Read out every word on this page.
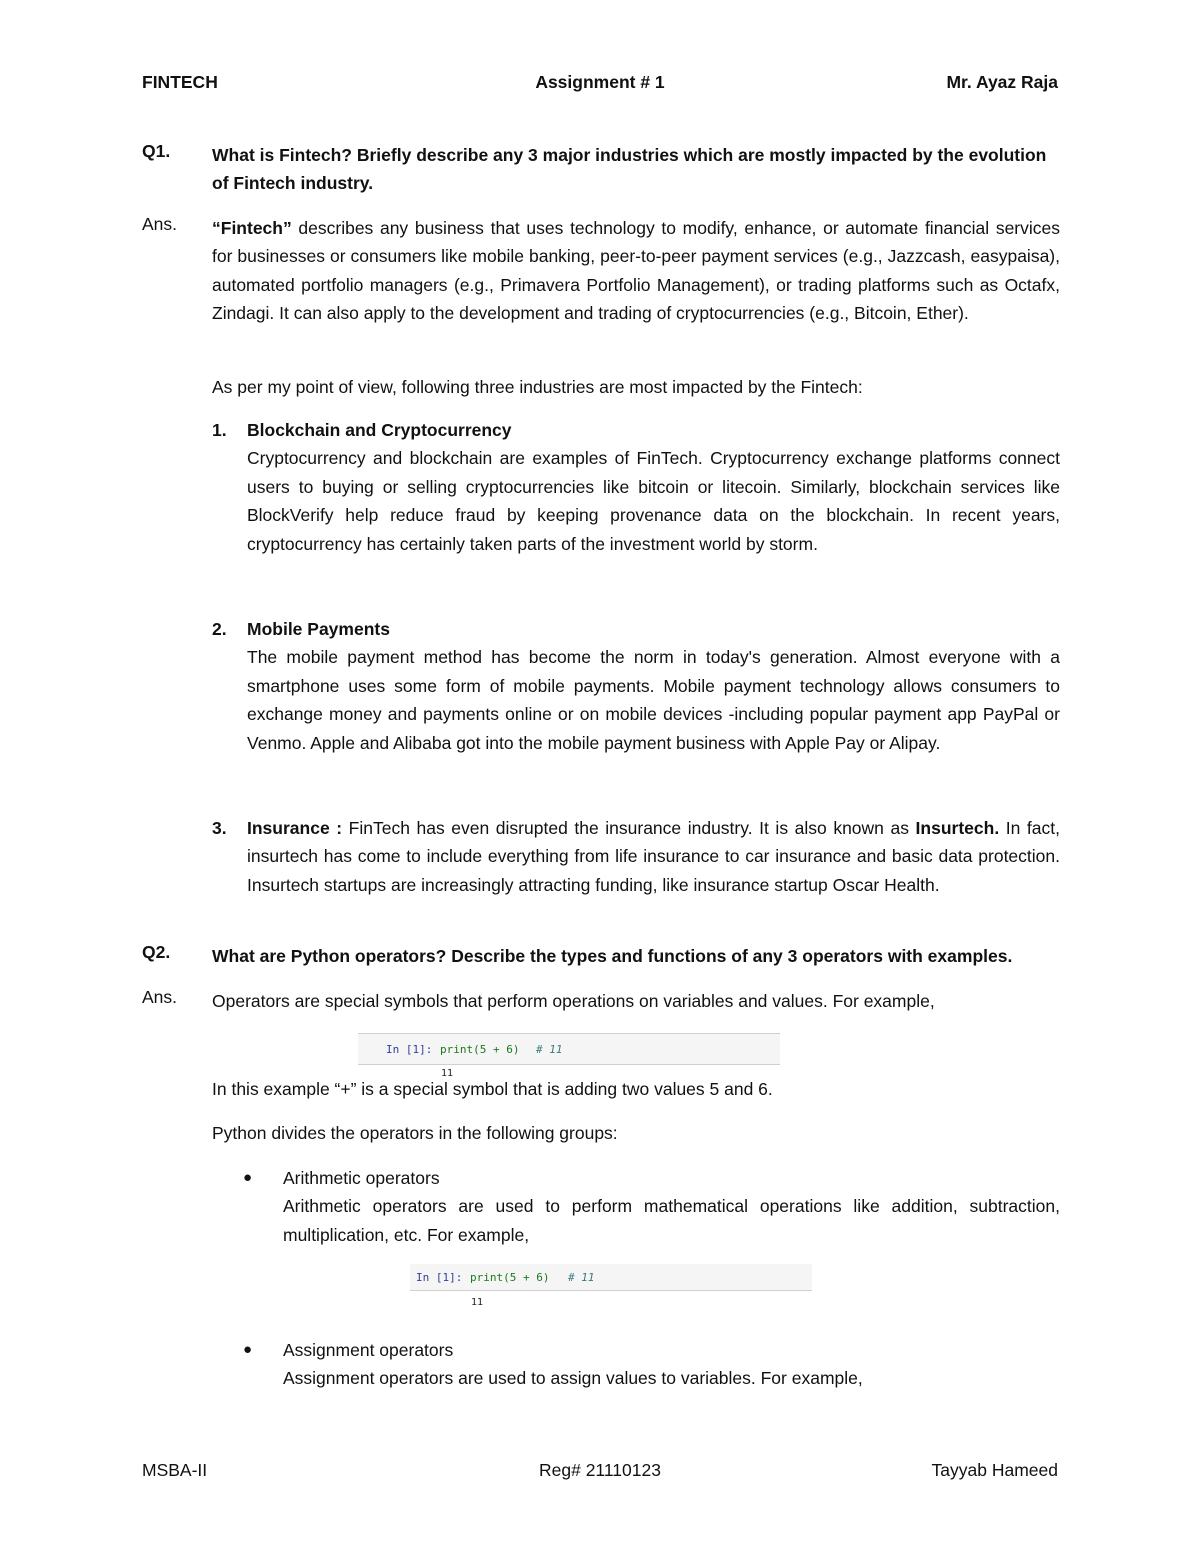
FINTECH	Assignment # 1	Mr. Ayaz Raja
Q1.	What is Fintech? Briefly describe any 3 major industries which are mostly impacted by the evolution of Fintech industry.
Ans.	“Fintech” describes any business that uses technology to modify, enhance, or automate financial services for businesses or consumers like mobile banking, peer-to-peer payment services (e.g., Jazzcash, easypaisa), automated portfolio managers (e.g., Primavera Portfolio Management), or trading platforms such as Octafx, Zindagi. It can also apply to the development and trading of cryptocurrencies (e.g., Bitcoin, Ether).
As per my point of view, following three industries are most impacted by the Fintech:
1.	Blockchain and Cryptocurrency
Cryptocurrency and blockchain are examples of FinTech. Cryptocurrency exchange platforms connect users to buying or selling cryptocurrencies like bitcoin or litecoin. Similarly, blockchain services like BlockVerify help reduce fraud by keeping provenance data on the blockchain. In recent years, cryptocurrency has certainly taken parts of the investment world by storm.
2.	Mobile Payments
The mobile payment method has become the norm in today's generation. Almost everyone with a smartphone uses some form of mobile payments. Mobile payment technology allows consumers to exchange money and payments online or on mobile devices -including popular payment app PayPal or Venmo. Apple and Alibaba got into the mobile payment business with Apple Pay or Alipay.
3.	Insurance : FinTech has even disrupted the insurance industry. It is also known as Insurtech. In fact, insurtech has come to include everything from life insurance to car insurance and basic data protection. Insurtech startups are increasingly attracting funding, like insurance startup Oscar Health.
Q2.	What are Python operators? Describe the types and functions of any 3 operators with examples.
Ans.	Operators are special symbols that perform operations on variables and values. For example,
In [1]: print(5 + 6) # 11
11
In this example “+” is a special symbol that is adding two values 5 and 6.
Python divides the operators in the following groups:
●	Arithmetic operators
Arithmetic operators are used to perform mathematical operations like addition, subtraction, multiplication, etc. For example,
In [1]: print(5 + 6) # 11
11
●	Assignment operators
Assignment operators are used to assign values to variables. For example,
MSBA-II	Reg# 21110123	Tayyab Hameed
